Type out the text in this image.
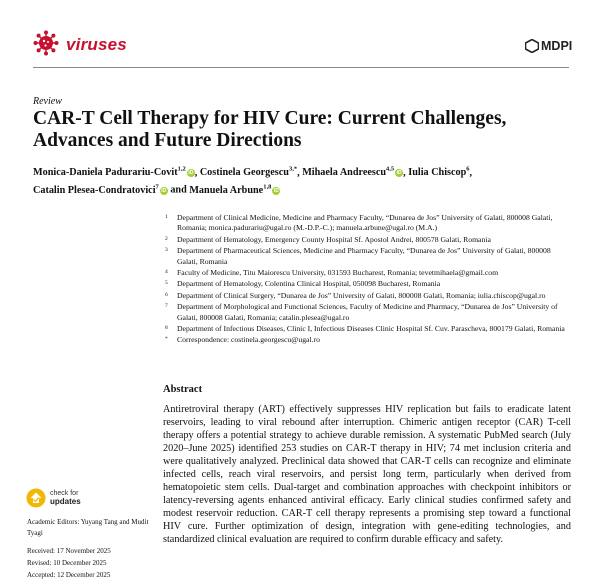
viruses	MDPI
Review
CAR-T Cell Therapy for HIV Cure: Current Challenges, Advances and Future Directions
Monica-Daniela Padurariu-Covit$^{1,2}$iD , Costinela Georgescu$^{3,*}$, Mihaela Andreescu$^{4,5}$iD , Iulia Chiscop$^6$,
Catalin Plesea-Condratovici$^7$iD and Manuela Arbune$^{1,8}$iD
1	Department of Clinical Medicine, Medicine and Pharmacy Faculty, “Dunarea de Jos” University of Galati, 800008 Galati, Romania; monica.padurariu@ugal.ro (M.-D.P.-C.); manuela.arbune@ugal.ro (M.A.)
2	Department of Hematology, Emergency County Hospital Sf. Apostol Andrei, 800578 Galati, Romania
3	Department of Pharmaceutical Sciences, Medicine and Pharmacy Faculty, “Dunarea de Jos” University of Galati, 800008 Galati, Romania
4	Faculty of Medicine, Titu Maiorescu University, 031593 Bucharest, Romania; tevetmihaela@gmail.com
5	Department of Hematology, Colentina Clinical Hospital, 050098 Bucharest, Romania
6	Department of Clinical Surgery, “Dunarea de Jos” University of Galati, 800008 Galati, Romania; iulia.chiscop@ugal.ro
7	Department of Morphological and Functional Sciences, Faculty of Medicine and Pharmacy, “Dunarea de Jos” University of Galati, 800008 Galati, Romania; catalin.plesea@ugal.ro
8	Department of Infectious Diseases, Clinic I, Infectious Diseases Clinic Hospital Sf. Cuv. Parascheva, 800179 Galati, Romania
*	Correspondence: costinela.georgescu@ugal.ro
Abstract
Antiretroviral therapy (ART) effectively suppresses HIV replication but fails to eradicate latent reservoirs, leading to viral rebound after interruption. Chimeric antigen receptor (CAR) T-cell therapy offers a potential strategy to achieve durable remission. A systematic PubMed search (July 2020–June 2025) identified 253 studies on CAR-T therapy in HIV; 74 met inclusion criteria and were qualitatively analyzed. Preclinical data showed that CAR-T cells can recognize and eliminate infected cells, reach viral reservoirs, and persist long term, particularly when derived from hematopoietic stem cells. Dual-target and combination approaches with checkpoint inhibitors or latency-reversing agents enhanced antiviral efficacy. Early clinical studies confirmed safety and modest reservoir reduction. CAR-T cell therapy represents a promising step toward a functional HIV cure. Further optimization of design, integration with gene-editing technologies, and standardized clinical evaluation are required to confirm durable efficacy and safety.
check for
updates
Academic Editors: Yuyang Tang and Mudit Tyagi
Received: 17 November 2025
Revised: 10 December 2025
Accepted: 12 December 2025
